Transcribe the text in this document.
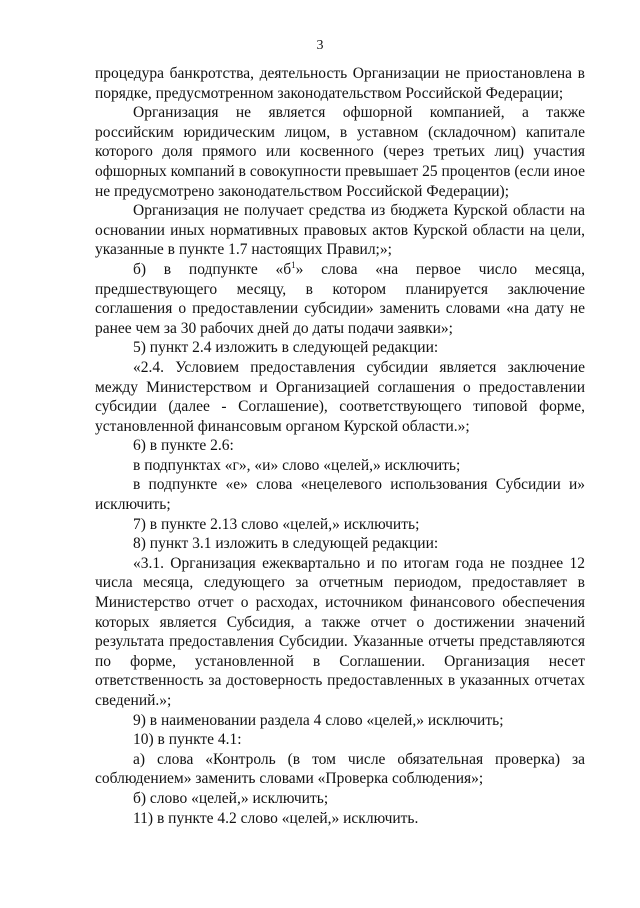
3

процедура банкротства, деятельность Организации не приостановлена в порядке, предусмотренном законодательством Российской Федерации;

Организация не является офшорной компанией, а также российским юридическим лицом, в уставном (складочном) капитале которого доля прямого или косвенного (через третьих лиц) участия офшорных компаний в совокупности превышает 25 процентов (если иное не предусмотрено законодательством Российской Федерации);

Организация не получает средства из бюджета Курской области на основании иных нормативных правовых актов Курской области на цели, указанные в пункте 1.7 настоящих Правил;»;

б) в подпункте «$б^1$» слова «на первое число месяца, предшествующего месяцу, в котором планируется заключение соглашения о предоставлении субсидии» заменить словами «на дату не ранее чем за 30 рабочих дней до даты подачи заявки»;

5) пункт 2.4 изложить в следующей редакции:

«2.4. Условием предоставления субсидии является заключение между Министерством и Организацией соглашения о предоставлении субсидии (далее - Соглашение), соответствующего типовой форме, установленной финансовым органом Курской области.»;

6) в пункте 2.6:

в подпунктах «г», «и» слово «целей,» исключить;

в подпункте «е» слова «нецелевого использования Субсидии и» исключить;

7) в пункте 2.13 слово «целей,» исключить;

8) пункт 3.1 изложить в следующей редакции:

«3.1. Организация ежеквартально и по итогам года не позднее 12 числа месяца, следующего за отчетным периодом, предоставляет в Министерство отчет о расходах, источником финансового обеспечения которых является Субсидия, а также отчет о достижении значений результата предоставления Субсидии. Указанные отчеты представляются по форме, установленной в Соглашении. Организация несет ответственность за достоверность предоставленных в указанных отчетах сведений.»;

9) в наименовании раздела 4 слово «целей,» исключить;

10) в пункте 4.1:

а) слова «Контроль (в том числе обязательная проверка) за соблюдением» заменить словами «Проверка соблюдения»;

б) слово «целей,» исключить;

11) в пункте 4.2 слово «целей,» исключить.
